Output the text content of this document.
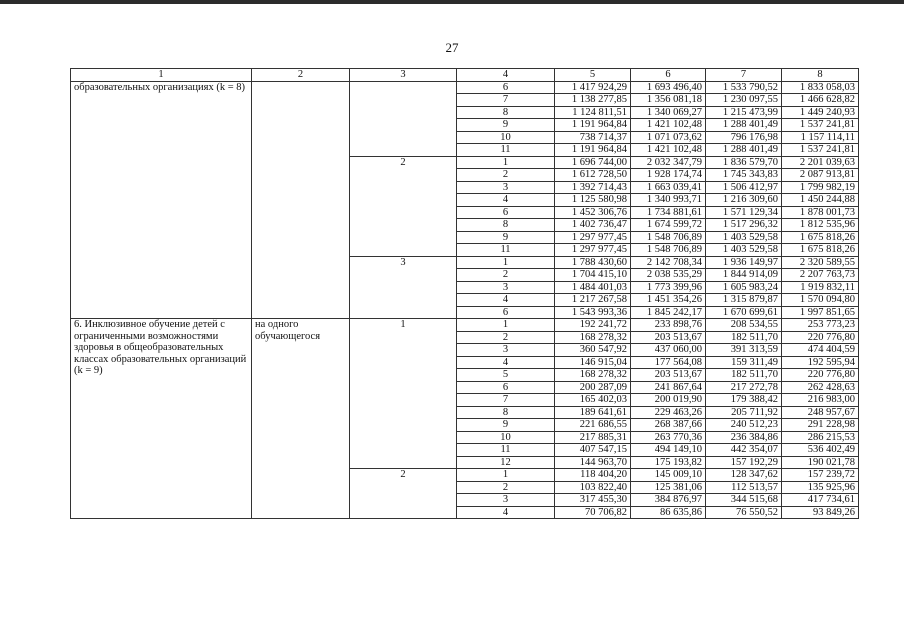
27
1	2	3	4	5	6	7	8
образовательных организациях (k = 8)			6	1 417 924,29	1 693 496,40	1 533 790,52	1 833 058,03
			7	1 138 277,85	1 356 081,18	1 230 097,55	1 466 628,82
			8	1 124 811,51	1 340 069,27	1 215 473,99	1 449 240,93
			9	1 191 964,84	1 421 102,48	1 288 401,49	1 537 241,81
			10	738 714,37	1 071 073,62	796 176,98	1 157 114,11
			11	1 191 964,84	1 421 102,48	1 288 401,49	1 537 241,81
		2	1	1 696 744,00	2 032 347,79	1 836 579,70	2 201 039,63
			2	1 612 728,50	1 928 174,74	1 745 343,83	2 087 913,81
			3	1 392 714,43	1 663 039,41	1 506 412,97	1 799 982,19
			4	1 125 580,98	1 340 993,71	1 216 309,60	1 450 244,88
			6	1 452 306,76	1 734 881,61	1 571 129,34	1 878 001,73
			8	1 402 736,47	1 674 599,72	1 517 296,32	1 812 535,96
			9	1 297 977,45	1 548 706,89	1 403 529,58	1 675 818,26
			11	1 297 977,45	1 548 706,89	1 403 529,58	1 675 818,26
		3	1	1 788 430,60	2 142 708,34	1 936 149,97	2 320 589,55
			2	1 704 415,10	2 038 535,29	1 844 914,09	2 207 763,73
			3	1 484 401,03	1 773 399,96	1 605 983,24	1 919 832,11
			4	1 217 267,58	1 451 354,26	1 315 879,87	1 570 094,80
			6	1 543 993,36	1 845 242,17	1 670 699,61	1 997 851,65
6. Инклюзивное обучение детей с ограниченными возможностями здоровья в общеобразовательных классах образовательных организаций (k = 9)	на одного обучающегося	1	1	192 241,72	233 898,76	208 534,55	253 773,23
			2	168 278,32	203 513,67	182 511,70	220 776,80
			3	360 547,92	437 060,00	391 313,59	474 404,59
			4	146 915,04	177 564,08	159 311,49	192 595,94
			5	168 278,32	203 513,67	182 511,70	220 776,80
			6	200 287,09	241 867,64	217 272,78	262 428,63
			7	165 402,03	200 019,90	179 388,42	216 983,00
			8	189 641,61	229 463,26	205 711,92	248 957,67
			9	221 686,55	268 387,66	240 512,23	291 228,98
			10	217 885,31	263 770,36	236 384,86	286 215,53
			11	407 547,15	494 149,10	442 354,07	536 402,49
			12	144 963,70	175 193,82	157 192,29	190 021,78
		2	1	118 404,20	145 009,10	128 347,62	157 239,72
			2	103 822,40	125 381,06	112 513,57	135 925,96
			3	317 455,30	384 876,97	344 515,68	417 734,61
			4	70 706,82	86 635,86	76 550,52	93 849,26
